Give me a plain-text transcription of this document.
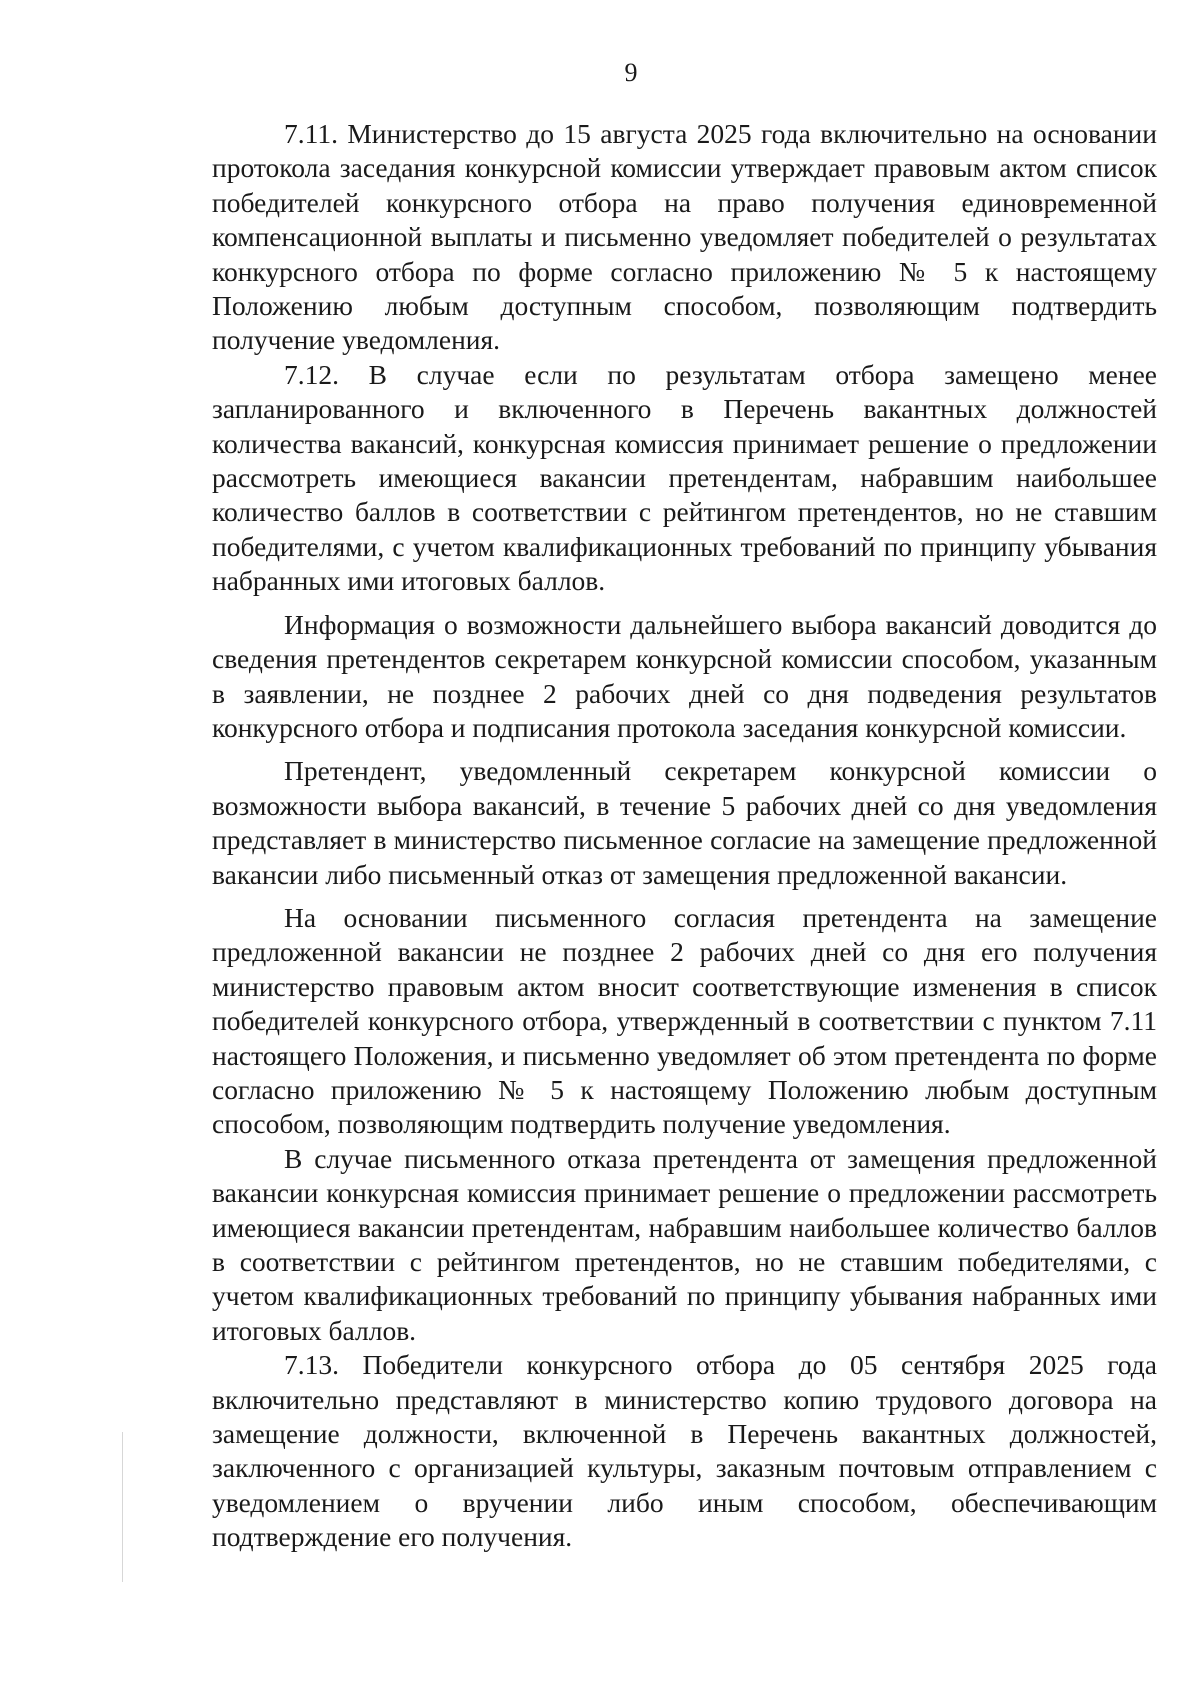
9

7.11. Министерство до 15 августа 2025 года включительно на основании протокола заседания конкурсной комиссии утверждает правовым актом список победителей конкурсного отбора на право получения единовременной компенсационной выплаты и письменно уведомляет победителей о результатах конкурсного отбора по форме согласно приложению № 5 к настоящему Положению любым доступным способом, позволяющим подтвердить получение уведомления.

7.12. В случае если по результатам отбора замещено менее запланированного и включенного в Перечень вакантных должностей количества вакансий, конкурсная комиссия принимает решение о предложении рассмотреть имеющиеся вакансии претендентам, набравшим наибольшее количество баллов в соответствии с рейтингом претендентов, но не ставшим победителями, с учетом квалификационных требований по принципу убывания набранных ими итоговых баллов.

Информация о возможности дальнейшего выбора вакансий доводится до сведения претендентов секретарем конкурсной комиссии способом, указанным в заявлении, не позднее 2 рабочих дней со дня подведения результатов конкурсного отбора и подписания протокола заседания конкурсной комиссии.

Претендент, уведомленный секретарем конкурсной комиссии о возможности выбора вакансий, в течение 5 рабочих дней со дня уведомления представляет в министерство письменное согласие на замещение предложенной вакансии либо письменный отказ от замещения предложенной вакансии.

На основании письменного согласия претендента на замещение предложенной вакансии не позднее 2 рабочих дней со дня его получения министерство правовым актом вносит соответствующие изменения в список победителей конкурсного отбора, утвержденный в соответствии с пунктом 7.11 настоящего Положения, и письменно уведомляет об этом претендента по форме согласно приложению № 5 к настоящему Положению любым доступным способом, позволяющим подтвердить получение уведомления.

В случае письменного отказа претендента от замещения предложенной вакансии конкурсная комиссия принимает решение о предложении рассмотреть имеющиеся вакансии претендентам, набравшим наибольшее количество баллов в соответствии с рейтингом претендентов, но не ставшим победителями, с учетом квалификационных требований по принципу убывания набранных ими итоговых баллов.

7.13. Победители конкурсного отбора до 05 сентября 2025 года включительно представляют в министерство копию трудового договора на замещение должности, включенной в Перечень вакантных должностей, заключенного с организацией культуры, заказным почтовым отправлением с уведомлением о вручении либо иным способом, обеспечивающим подтверждение его получения.
